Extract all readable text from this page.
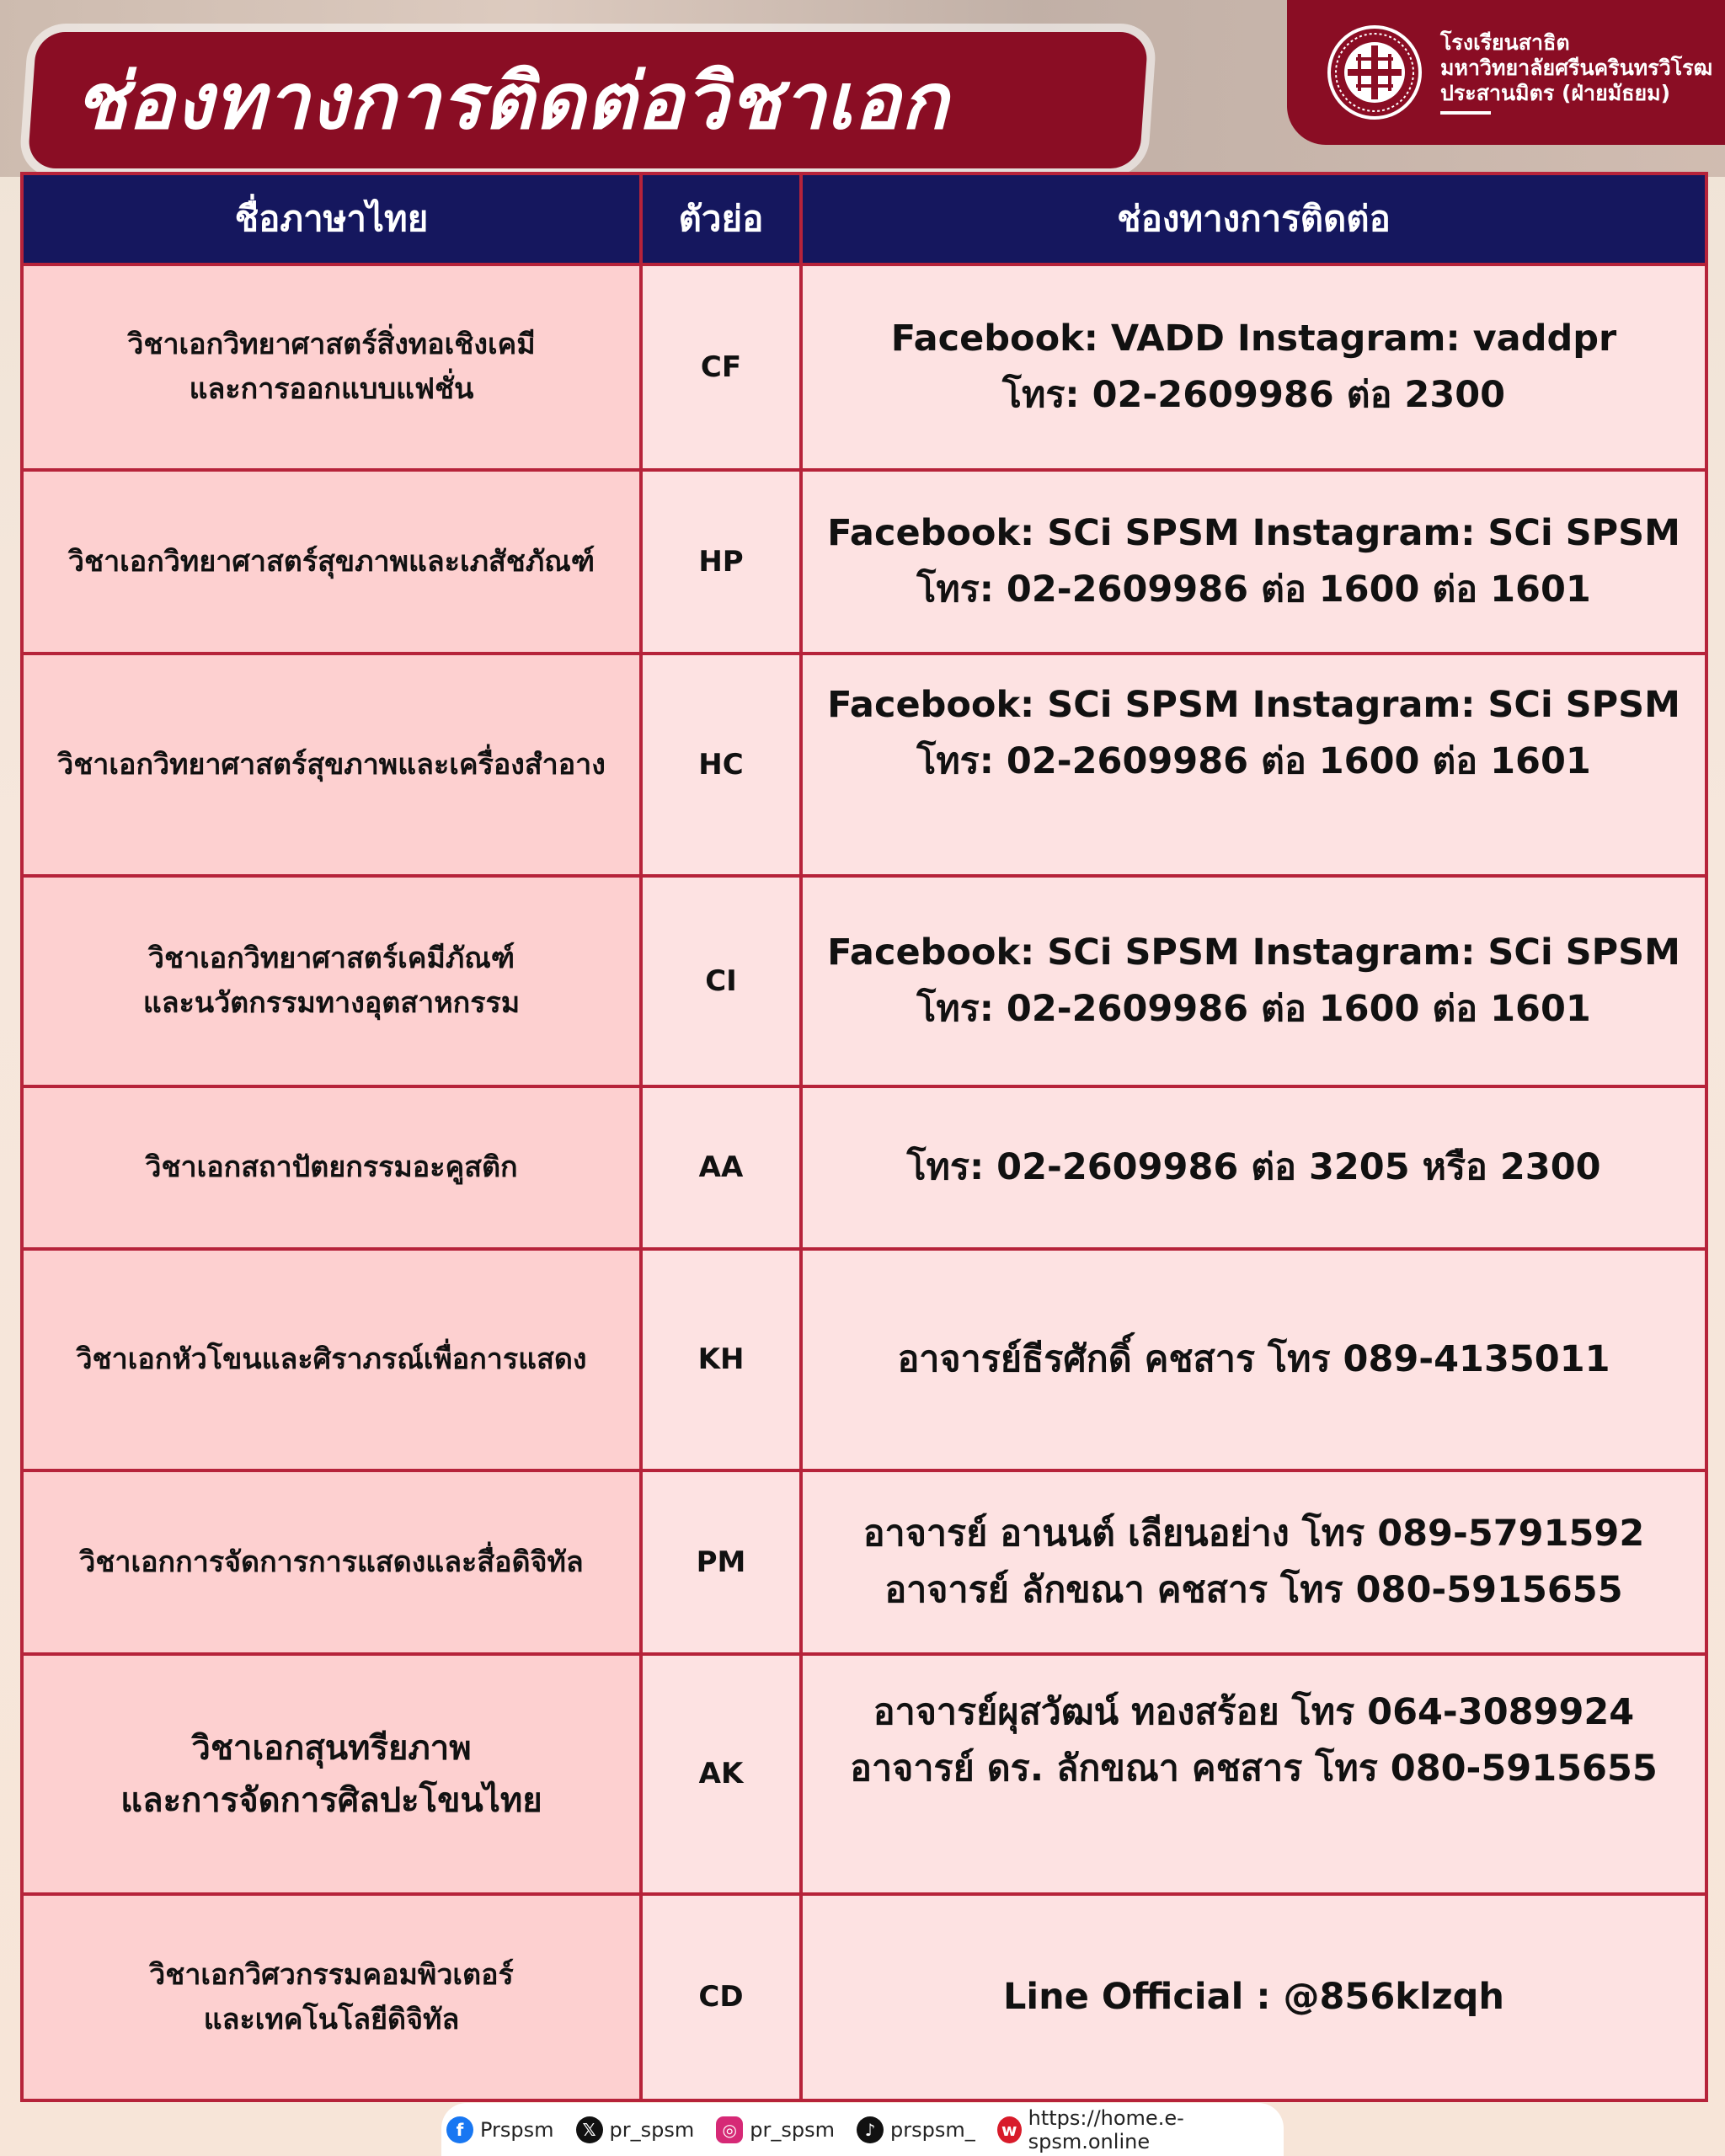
ช่องทางการติดต่อวิชาเอก
โรงเรียนสาธิต
มหาวิทยาลัยศรีนครินทรวิโรฒ
ประสานมิตร (ฝ่ายมัธยม)
ชื่อภาษาไทย	ตัวย่อ	ช่องทางการติดต่อ

วิชาเอกวิทยาศาสตร์สิ่งทอเชิงเคมี
และการออกแบบแฟชั่น	CF	Facebook: VADD Instagram: vaddpr
โทร: 02-2609986 ต่อ 2300

วิชาเอกวิทยาศาสตร์สุขภาพและเภสัชภัณฑ์	HP	Facebook: SCi SPSM Instagram: SCi SPSM
โทร: 02-2609986 ต่อ 1600 ต่อ 1601

วิชาเอกวิทยาศาสตร์สุขภาพและเครื่องสำอาง	HC	Facebook: SCi SPSM Instagram: SCi SPSM
โทร: 02-2609986 ต่อ 1600 ต่อ 1601

วิชาเอกวิทยาศาสตร์เคมีภัณฑ์
และนวัตกรรมทางอุตสาหกรรม	CI	Facebook: SCi SPSM Instagram: SCi SPSM
โทร: 02-2609986 ต่อ 1600 ต่อ 1601

วิชาเอกสถาปัตยกรรมอะคูสติก	AA	โทร: 02-2609986 ต่อ 3205 หรือ 2300

วิชาเอกหัวโขนและศิราภรณ์เพื่อการแสดง	KH	อาจารย์ธีรศักดิ์ คชสาร โทร 089-4135011

วิชาเอกการจัดการการแสดงและสื่อดิจิทัล	PM	อาจารย์ อานนต์ เลียนอย่าง โทร 089-5791592
อาจารย์ ลักขณา คชสาร โทร 080-5915655

วิชาเอกสุนทรียภาพ
และการจัดการศิลปะโขนไทย	AK	อาจารย์ผุสวัฒน์ ทองสร้อย โทร 064-3089924
อาจารย์ ดร. ลักขณา คชสาร โทร 080-5915655

วิชาเอกวิศวกรรมคอมพิวเตอร์
และเทคโนโลยีดิจิทัล	CD	Line Official : @856klzqh
f Prspsm	𝕏 pr_spsm	◎ pr_spsm	♪ prspsm_ w https://home.e-spsm.online
